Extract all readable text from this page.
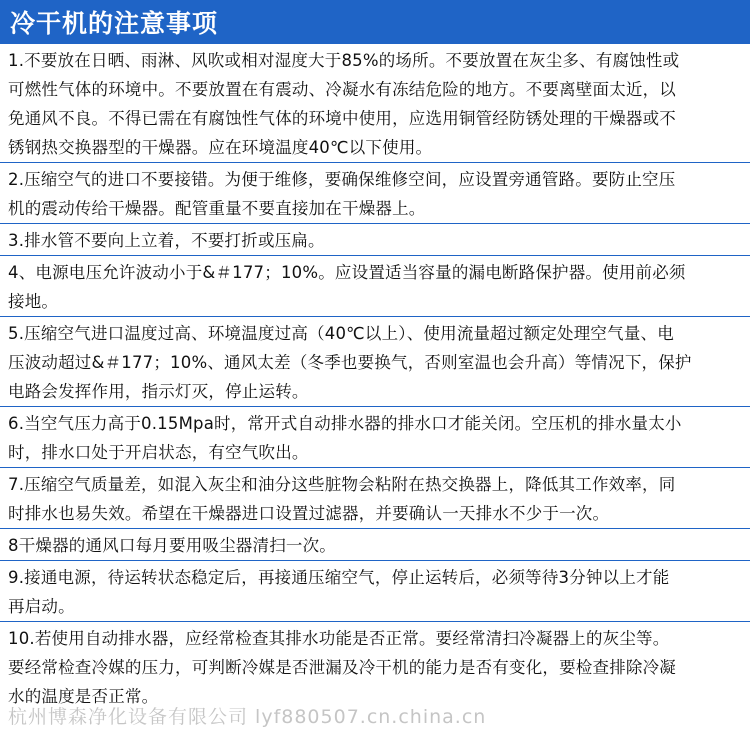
冷干机的注意事项
1.不要放在日晒、雨淋、风吹或相对湿度大于85%的场所。不要放置在灰尘多、有腐蚀性或
可燃性气体的环境中。不要放置在有震动、冷凝水有冻结危险的地方。不要离壁面太近，以
免通风不良。不得已需在有腐蚀性气体的环境中使用，应选用铜管经防锈处理的干燥器或不
锈钢热交换器型的干燥器。应在环境温度40℃以下使用。
2.压缩空气的进口不要接错。为便于维修，要确保维修空间，应设置旁通管路。要防止空压
机的震动传给干燥器。配管重量不要直接加在干燥器上。
3.排水管不要向上立着，不要打折或压扁。
4、电源电压允许波动小于&＃177；10%。应设置适当容量的漏电断路保护器。使用前必须
接地。
5.压缩空气进口温度过高、环境温度过高（40℃以上）、使用流量超过额定处理空气量、电
压波动超过&＃177；10%、通风太差（冬季也要换气，否则室温也会升高）等情况下，保护
电路会发挥作用，指示灯灭，停止运转。
6.当空气压力高于0.15Mpa时，常开式自动排水器的排水口才能关闭。空压机的排水量太小
时，排水口处于开启状态，有空气吹出。
7.压缩空气质量差，如混入灰尘和油分这些脏物会粘附在热交换器上，降低其工作效率，同
时排水也易失效。希望在干燥器进口设置过滤器，并要确认一天排水不少于一次。
8干燥器的通风口每月要用吸尘器清扫一次。
9.接通电源，待运转状态稳定后，再接通压缩空气，停止运转后，必须等待3分钟以上才能
再启动。
10.若使用自动排水器，应经常检查其排水功能是否正常。要经常清扫冷凝器上的灰尘等。
要经常检查冷媒的压力，可判断冷媒是否泄漏及冷干机的能力是否有变化，要检查排除冷凝
水的温度是否正常。
杭州博森净化设备有限公司 lyf880507.cn.china.cn
